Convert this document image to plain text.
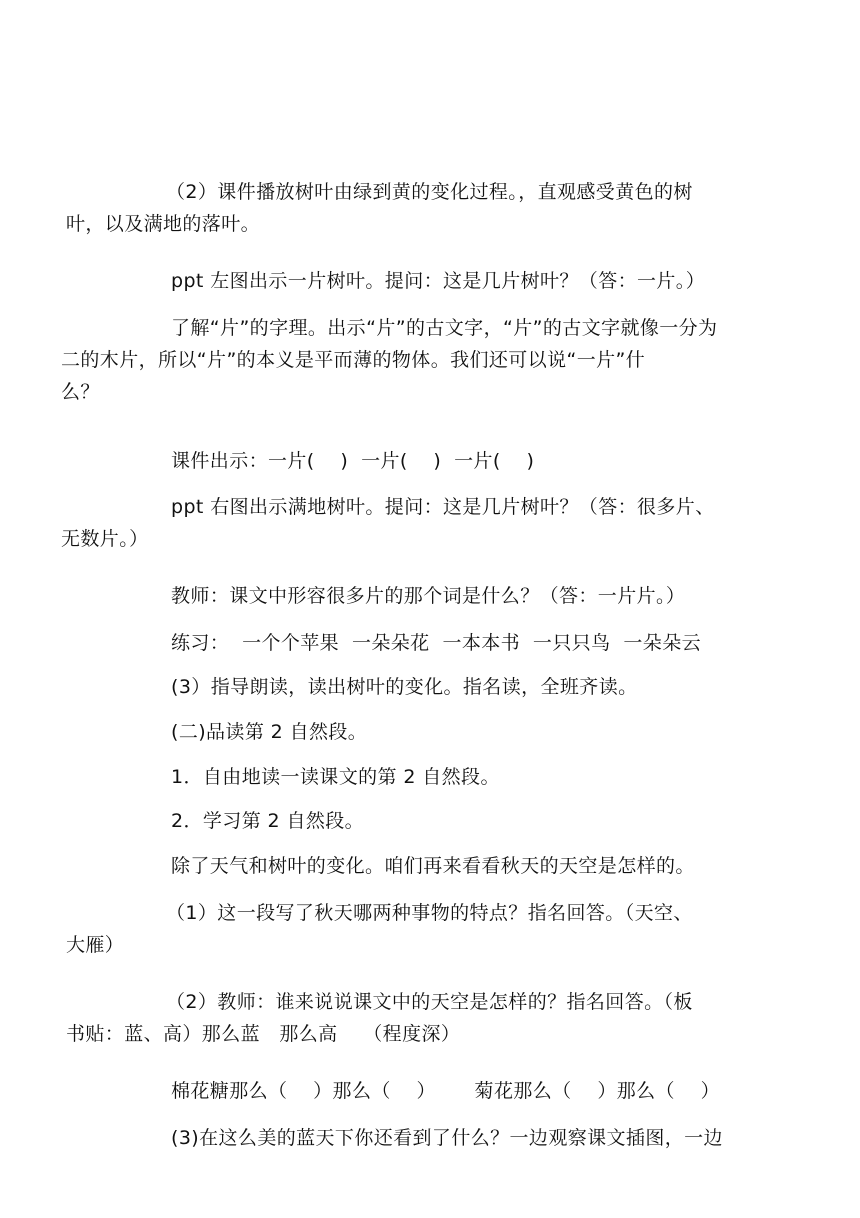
（2）课件播放树叶由绿到黄的变化过程。，直观感受黄色的树
叶，以及满地的落叶。

ppt 左图出示一片树叶。提问：这是几片树叶？（答：一片。）

了解“片”的字理。出示“片”的古文字，“片”的古文字就像一分为
二的木片，所以“片”的本义是平而薄的物体。我们还可以说“一片”什
么？

课件出示：一片(    )  一片(    )  一片(    )

ppt 右图出示满地树叶。提问：这是几片树叶？（答：很多片、
无数片。）

教师：课文中形容很多片的那个词是什么？（答：一片片。）

练习：  一个个苹果  一朵朵花  一本本书  一只只鸟  一朵朵云

(3）指导朗读，读出树叶的变化。指名读，全班齐读。

(二)品读第 2 自然段。

1．自由地读一读课文的第 2 自然段。

2．学习第 2 自然段。

除了天气和树叶的变化。咱们再来看看秋天的天空是怎样的。

（1）这一段写了秋天哪两种事物的特点？指名回答。（天空、
大雁）

（2）教师：谁来说说课文中的天空是怎样的？指名回答。（板
书贴：蓝、高）那么蓝   那么高    （程度深）

棉花糖那么（    ）那么（    ）      菊花那么（    ）那么（    ）

(3)在这么美的蓝天下你还看到了什么？一边观察课文插图，一边
